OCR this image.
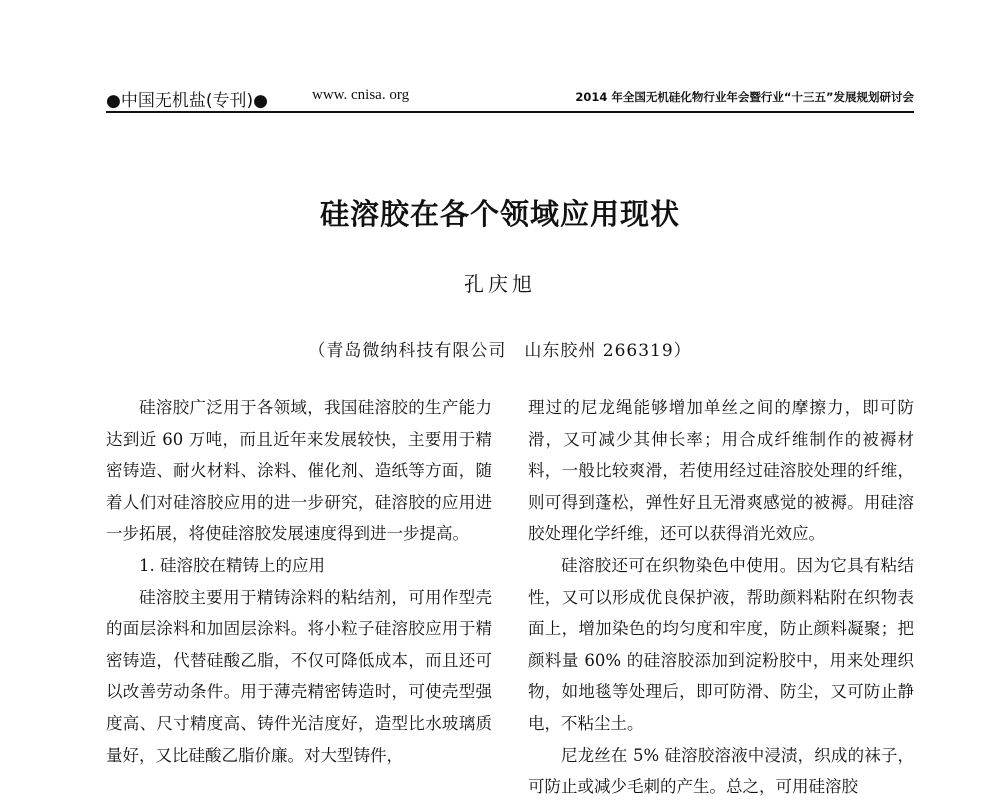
●中国无机盐(专刊)●	www. cnisa. org	2014 年全国无机硅化物行业年会暨行业“十三五”发展规划研讨会
硅溶胶在各个领域应用现状
孔庆旭
（青岛微纳科技有限公司　山东胶州 266319）

硅溶胶广泛用于各领域，我国硅溶胶的生产能力达到近 60 万吨，而且近年来发展较快，主要用于精密铸造、耐火材料、涂料、催化剂、造纸等方面，随着人们对硅溶胶应用的进一步研究，硅溶胶的应用进一步拓展，将使硅溶胶发展速度得到进一步提高。

1. 硅溶胶在精铸上的应用

硅溶胶主要用于精铸涂料的粘结剂，可用作型壳的面层涂料和加固层涂料。将小粒子硅溶胶应用于精密铸造，代替硅酸乙脂，不仅可降低成本，而且还可以改善劳动条件。用于薄壳精密铸造时，可使壳型强度高、尺寸精度高、铸件光洁度好，造型比水玻璃质量好，又比硅酸乙脂价廉。对大型铸件，

理过的尼龙绳能够增加单丝之间的摩擦力，即可防滑，又可减少其伸长率；用合成纤维制作的被褥材料，一般比较爽滑，若使用经过硅溶胶处理的纤维，则可得到蓬松，弹性好且无滑爽感觉的被褥。用硅溶胶处理化学纤维，还可以获得消光效应。

硅溶胶还可在织物染色中使用。因为它具有粘结性，又可以形成优良保护液，帮助颜料粘附在织物表面上，增加染色的均匀度和牢度，防止颜料凝聚；把颜料量 60% 的硅溶胶添加到淀粉胶中，用来处理织物，如地毯等处理后，即可防滑、防尘，又可防止静电，不粘尘土。

尼龙丝在 5% 硅溶胶溶液中浸渍，织成的袜子，可防止或减少毛刺的产生。总之，可用硅溶胶
